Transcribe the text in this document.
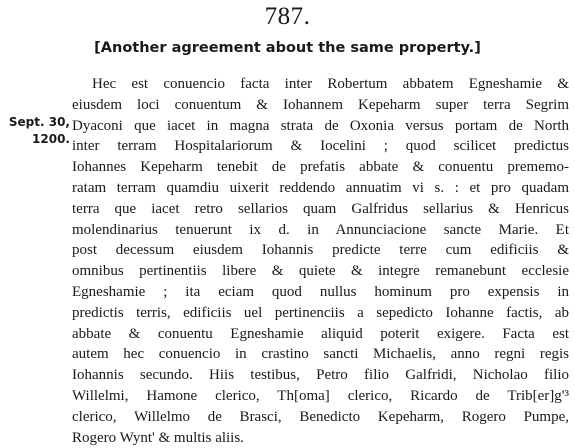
787.
[Another agreement about the same property.]
Sept. 30,
1200.
Hec est conuencio facta inter Robertum abbatem Egneshamie &
eiusdem loci conuentum & Iohannem Kepeharm super terra Segrim
Dyaconi que iacet in magna strata de Oxonia versus portam de North
inter terram Hospitalariorum & Iocelini ; quod scilicet predictus
Iohannes Kepeharm tenebit de prefatis abbate & conuentu prememo-
ratam terram quamdiu uixerit reddendo annuatim vi s. : et pro quadam
terra que iacet retro sellarios quam Galfridus sellarius & Henricus
molendinarius tenuerunt ix d. in Annunciacione sancte Marie. Et
post decessum eiusdem Iohannis predicte terre cum edificiis &
omnibus pertinentiis libere & quiete & integre remanebunt ecclesie
Egneshamie ; ita eciam quod nullus hominum pro expensis in
predictis terris, edificiis uel pertinenciis a sepedicto Iohanne factis, ab
abbate & conuentu Egneshamie aliquid poterit exigere. Facta est
autem hec conuencio in crastino sancti Michaelis, anno regni regis
Iohannis secundo. Hiis testibus, Petro filio Galfridi, Nicholao filio
Willelmi, Hamone clerico, Th[oma] clerico, Ricardo de Trib[er]g'³
clerico, Willelmo de Brasci, Benedicto Kepeharm, Rogero Pumpe,
Rogero Wynt' & multis aliis.
